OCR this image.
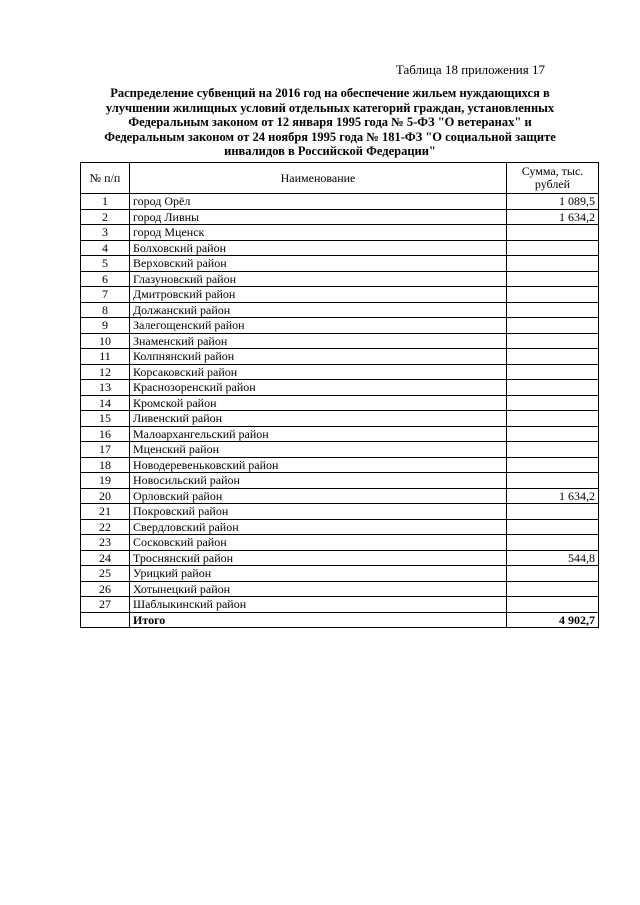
Таблица 18 приложения 17
Распределение субвенций на 2016 год на обеспечение жильем нуждающихся в улучшении жилищных условий отдельных категорий граждан, установленных Федеральным законом от 12 января 1995 года № 5-ФЗ "О ветеранах" и Федеральным законом от 24 ноября 1995 года № 181-ФЗ "О социальной защите инвалидов в Российской Федерации"
№ п/п	Наименование	Сумма, тыс. рублей
1	город Орёл	1 089,5
2	город Ливны	1 634,2
3	город Мценск	
4	Болховский район	
5	Верховский район	
6	Глазуновский район	
7	Дмитровский район	
8	Должанский район	
9	Залегощенский район	
10	Знаменский район	
11	Колпнянский район	
12	Корсаковский район	
13	Краснозоренский район	
14	Кромской район	
15	Ливенский район	
16	Малоархангельский район	
17	Мценский район	
18	Новодеревеньковский район	
19	Новосильский район	
20	Орловский район	1 634,2
21	Покровский район	
22	Свердловский район	
23	Сосковский район	
24	Троснянский район	544,8
25	Урицкий район	
26	Хотынецкий район	
27	Шаблыкинский район	
	Итого	4 902,7
